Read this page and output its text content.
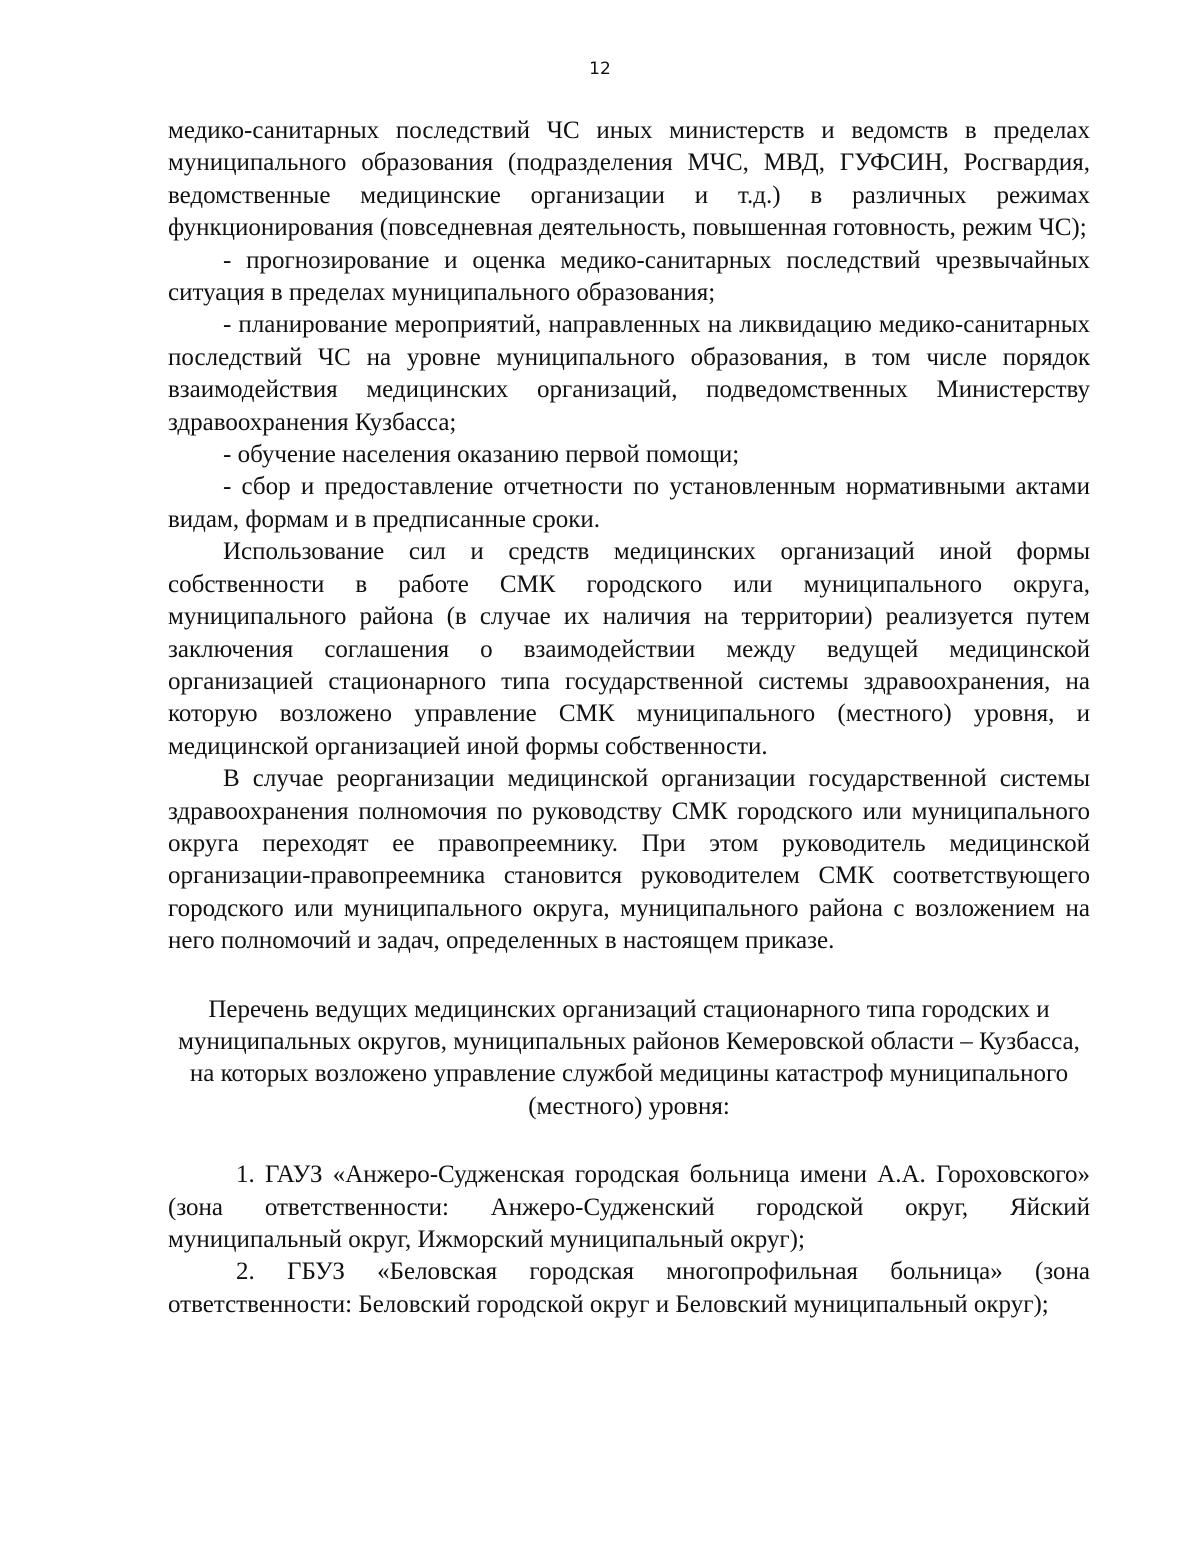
12

медико-санитарных последствий ЧС иных министерств и ведомств в пределах муниципального образования (подразделения МЧС, МВД, ГУФСИН, Росгвардия, ведомственные медицинские организации и т.д.) в различных режимах функционирования (повседневная деятельность, повышенная готовность, режим ЧС);

- прогнозирование и оценка медико-санитарных последствий чрезвычайных ситуация в пределах муниципального образования;

- планирование мероприятий, направленных на ликвидацию медико-санитарных последствий ЧС на уровне муниципального образования, в том числе порядок взаимодействия медицинских организаций, подведомственных Министерству здравоохранения Кузбасса;

- обучение населения оказанию первой помощи;

- сбор и предоставление отчетности по установленным нормативными актами видам, формам и в предписанные сроки.

Использование сил и средств медицинских организаций иной формы собственности в работе СМК городского или муниципального округа, муниципального района (в случае их наличия на территории) реализуется путем заключения соглашения о взаимодействии между ведущей медицинской организацией стационарного типа государственной системы здравоохранения, на которую возложено управление СМК муниципального (местного) уровня, и медицинской организацией иной формы собственности.

В случае реорганизации медицинской организации государственной системы здравоохранения полномочия по руководству СМК городского или муниципального округа переходят ее правопреемнику. При этом руководитель медицинской организации-правопреемника становится руководителем СМК соответствующего городского или муниципального округа, муниципального района с возложением на него полномочий и задач, определенных в настоящем приказе.

Перечень ведущих медицинских организаций стационарного типа городских и муниципальных округов, муниципальных районов Кемеровской области – Кузбасса, на которых возложено управление службой медицины катастроф муниципального (местного) уровня:

1. ГАУЗ «Анжеро-Судженская городская больница имени А.А. Гороховского» (зона ответственности: Анжеро-Судженский городской округ, Яйский муниципальный округ, Ижморский муниципальный округ);

2. ГБУЗ «Беловская городская многопрофильная больница» (зона ответственности: Беловский городской округ и Беловский муниципальный округ);
